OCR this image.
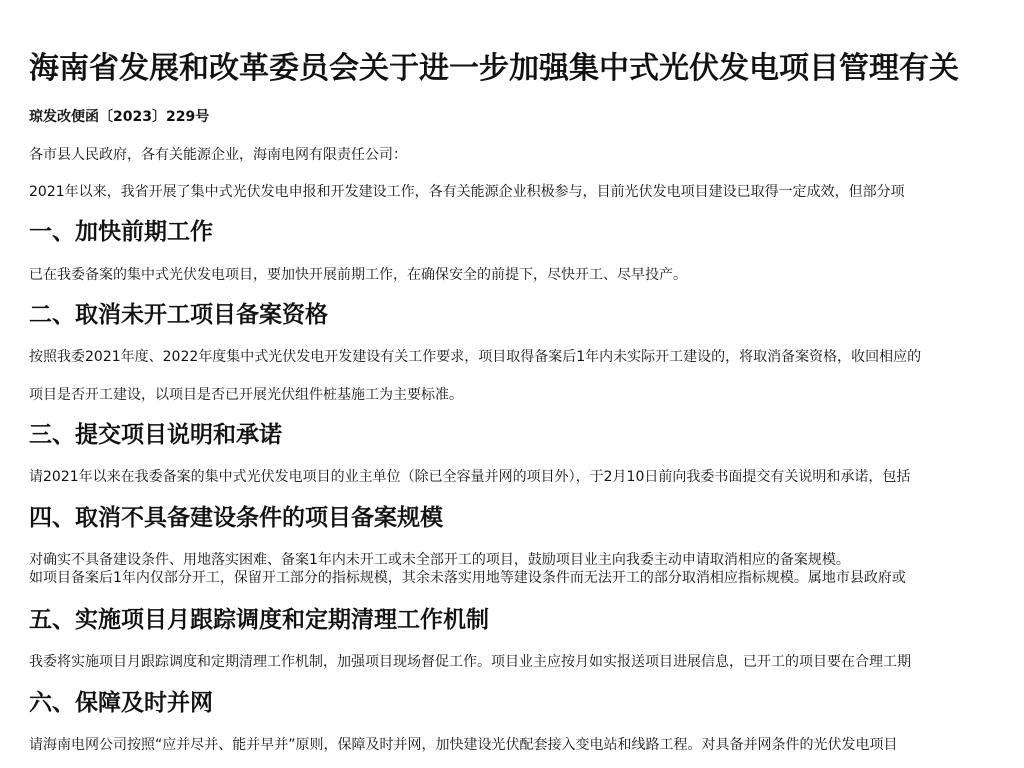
海南省发展和改革委员会关于进一步加强集中式光伏发电项目管理有关

琼发改便函〔2023〕229号

各市县人民政府，各有关能源企业，海南电网有限责任公司：

2021年以来，我省开展了集中式光伏发电申报和开发建设工作，各有关能源企业积极参与，目前光伏发电项目建设已取得一定成效，但部分项

一、加快前期工作

已在我委备案的集中式光伏发电项目，要加快开展前期工作，在确保安全的前提下，尽快开工、尽早投产。

二、取消未开工项目备案资格

按照我委2021年度、2022年度集中式光伏发电开发建设有关工作要求，项目取得备案后1年内未实际开工建设的，将取消备案资格，收回相应的

项目是否开工建设，以项目是否已开展光伏组件桩基施工为主要标准。

三、提交项目说明和承诺

请2021年以来在我委备案的集中式光伏发电项目的业主单位（除已全容量并网的项目外），于2月10日前向我委书面提交有关说明和承诺，包括

四、取消不具备建设条件的项目备案规模

对确实不具备建设条件、用地落实困难、备案1年内未开工或未全部开工的项目，鼓励项目业主向我委主动申请取消相应的备案规模。
如项目备案后1年内仅部分开工，保留开工部分的指标规模，其余未落实用地等建设条件而无法开工的部分取消相应指标规模。属地市县政府或

五、实施项目月跟踪调度和定期清理工作机制

我委将实施项目月跟踪调度和定期清理工作机制，加强项目现场督促工作。项目业主应按月如实报送项目进展信息，已开工的项目要在合理工期

六、保障及时并网

请海南电网公司按照“应并尽并、能并早并”原则，保障及时并网，加快建设光伏配套接入变电站和线路工程。对具备并网条件的光伏发电项目
